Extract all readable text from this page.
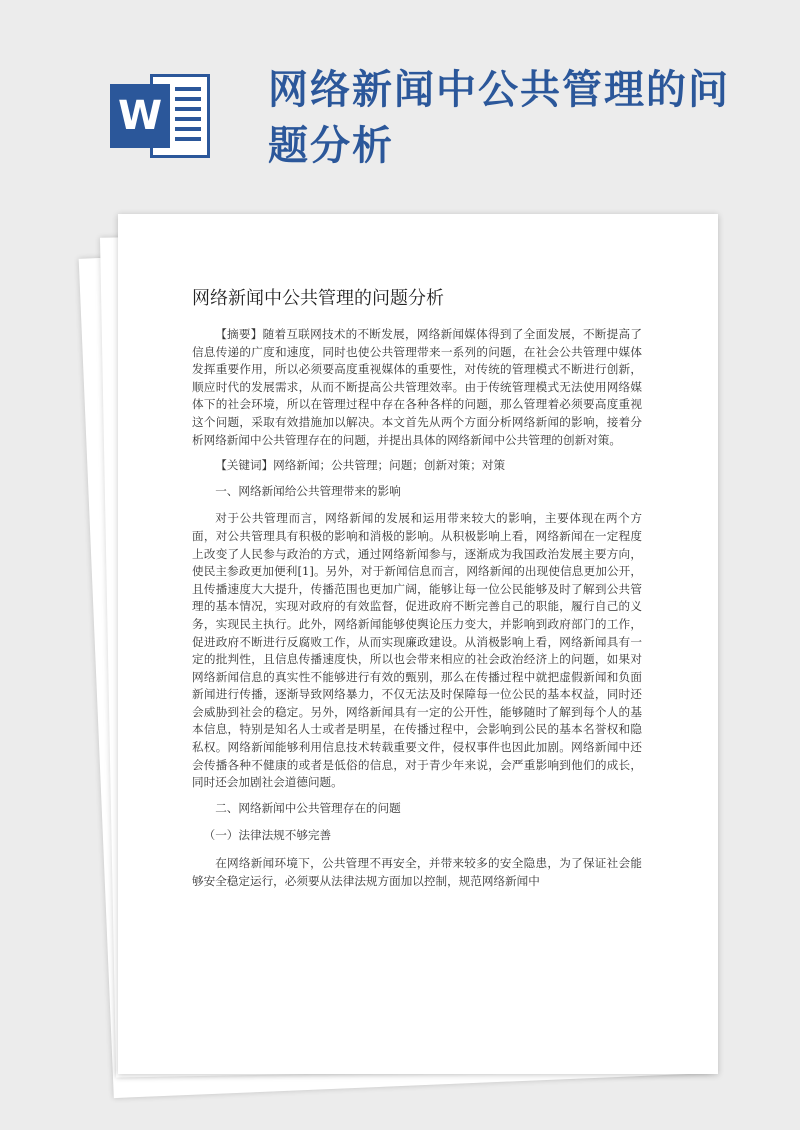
W
网络新闻中公共管理的问题分析
网络新闻中公共管理的问题分析

【摘要】随着互联网技术的不断发展，网络新闻媒体得到了全面发展，不断提高了信息传递的广度和速度，同时也使公共管理带来一系列的问题，在社会公共管理中媒体发挥重要作用，所以必须要高度重视媒体的重要性，对传统的管理模式不断进行创新，顺应时代的发展需求，从而不断提高公共管理效率。由于传统管理模式无法使用网络媒体下的社会环境，所以在管理过程中存在各种各样的问题，那么管理着必须要高度重视这个问题，采取有效措施加以解决。本文首先从两个方面分析网络新闻的影响，接着分析网络新闻中公共管理存在的问题，并提出具体的网络新闻中公共管理的创新对策。

【关键词】网络新闻；公共管理；问题；创新对策；对策

一、网络新闻给公共管理带来的影响

对于公共管理而言，网络新闻的发展和运用带来较大的影响，主要体现在两个方面，对公共管理具有积极的影响和消极的影响。从积极影响上看，网络新闻在一定程度上改变了人民参与政治的方式，通过网络新闻参与，逐渐成为我国政治发展主要方向，使民主参政更加便利[1]。另外，对于新闻信息而言，网络新闻的出现使信息更加公开，且传播速度大大提升，传播范围也更加广阔，能够让每一位公民能够及时了解到公共管理的基本情况，实现对政府的有效监督，促进政府不断完善自己的职能，履行自己的义务，实现民主执行。此外，网络新闻能够使舆论压力变大，并影响到政府部门的工作，促进政府不断进行反腐败工作，从而实现廉政建设。从消极影响上看，网络新闻具有一定的批判性，且信息传播速度快，所以也会带来相应的社会政治经济上的问题，如果对网络新闻信息的真实性不能够进行有效的甄别，那么在传播过程中就把虚假新闻和负面新闻进行传播，逐渐导致网络暴力，不仅无法及时保障每一位公民的基本权益，同时还会威胁到社会的稳定。另外，网络新闻具有一定的公开性，能够随时了解到每个人的基本信息，特别是知名人士或者是明星，在传播过程中，会影响到公民的基本名誉权和隐私权。网络新闻能够利用信息技术转载重要文件，侵权事件也因此加剧。网络新闻中还会传播各种不健康的或者是低俗的信息，对于青少年来说，会严重影响到他们的成长，同时还会加剧社会道德问题。

二、网络新闻中公共管理存在的问题

（一）法律法规不够完善

在网络新闻环境下，公共管理不再安全，并带来较多的安全隐患，为了保证社会能够安全稳定运行，必须要从法律法规方面加以控制，规范网络新闻中
